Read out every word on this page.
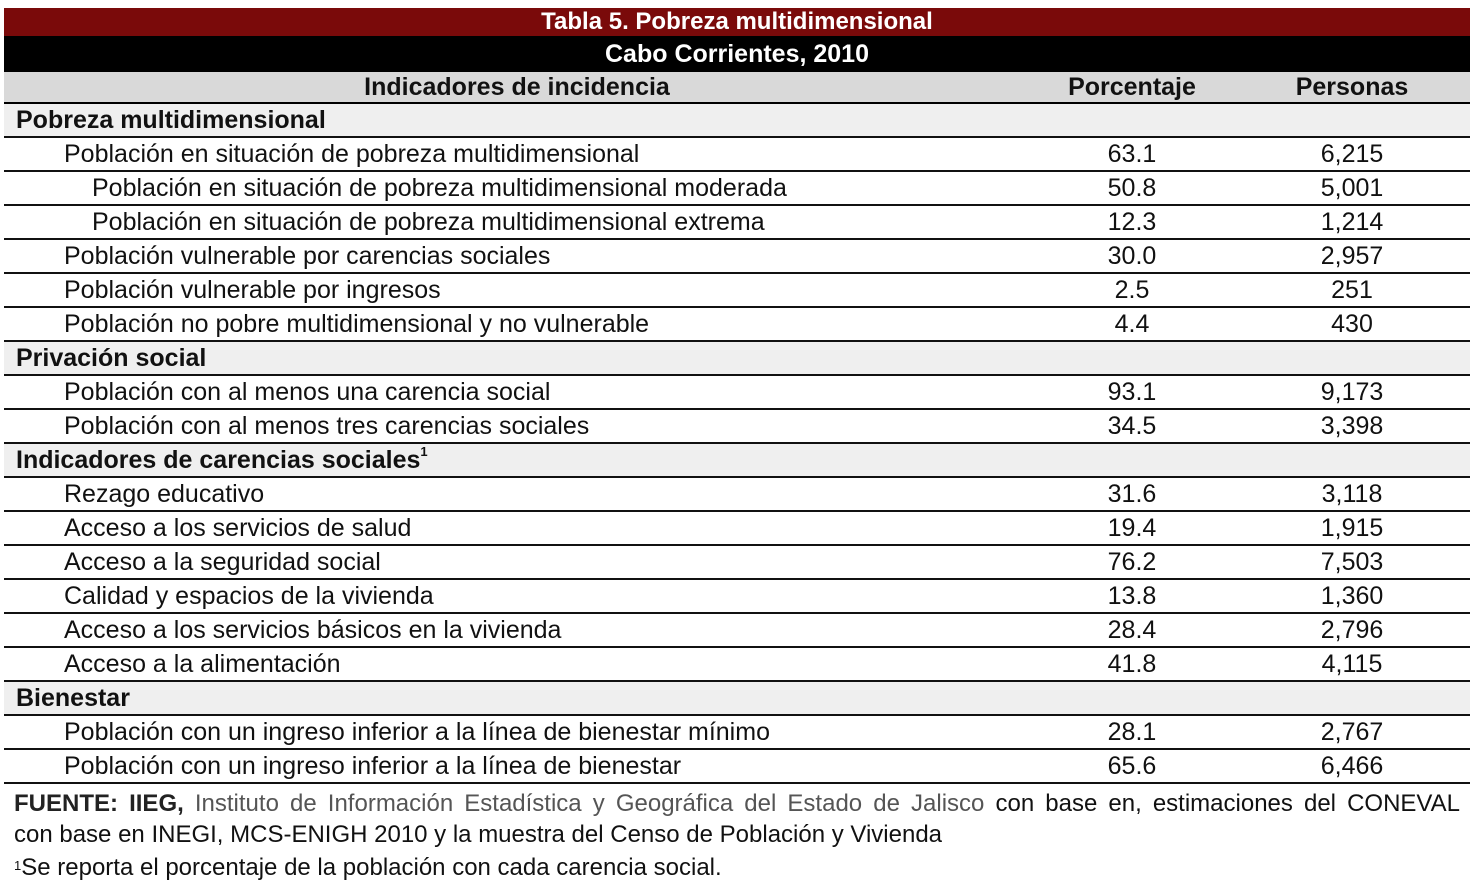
Tabla 5. Pobreza multidimensional
Cabo Corrientes, 2010
Indicadores de incidencia	Porcentaje	Personas
Pobreza multidimensional		
Población en situación de pobreza multidimensional	63.1	6,215
Población en situación de pobreza multidimensional moderada	50.8	5,001
Población en situación de pobreza multidimensional extrema	12.3	1,214
Población vulnerable por carencias sociales	30.0	2,957
Población vulnerable por ingresos	2.5	251
Población no pobre multidimensional y no vulnerable	4.4	430
Privación social		
Población con al menos una carencia social	93.1	9,173
Población con al menos tres carencias sociales	34.5	3,398
Indicadores de carencias sociales$^1$
Rezago educativo	31.6	3,118
Acceso a los servicios de salud	19.4	1,915
Acceso a la seguridad social	76.2	7,503
Calidad y espacios de la vivienda	13.8	1,360
Acceso a los servicios básicos en la vivienda	28.4	2,796
Acceso a la alimentación	41.8	4,115
Bienestar		
Población con un ingreso inferior a la línea de bienestar mínimo	28.1	2,767
Población con un ingreso inferior a la línea de bienestar	65.6	6,466
FUENTE: IIEG, Instituto de Información Estadística y Geográfica del Estado de Jalisco con base en, estimaciones del CONEVAL
con base en INEGI, MCS-ENIGH 2010 y la muestra del Censo de Población y Vivienda
$^1$Se reporta el porcentaje de la población con cada carencia social.
